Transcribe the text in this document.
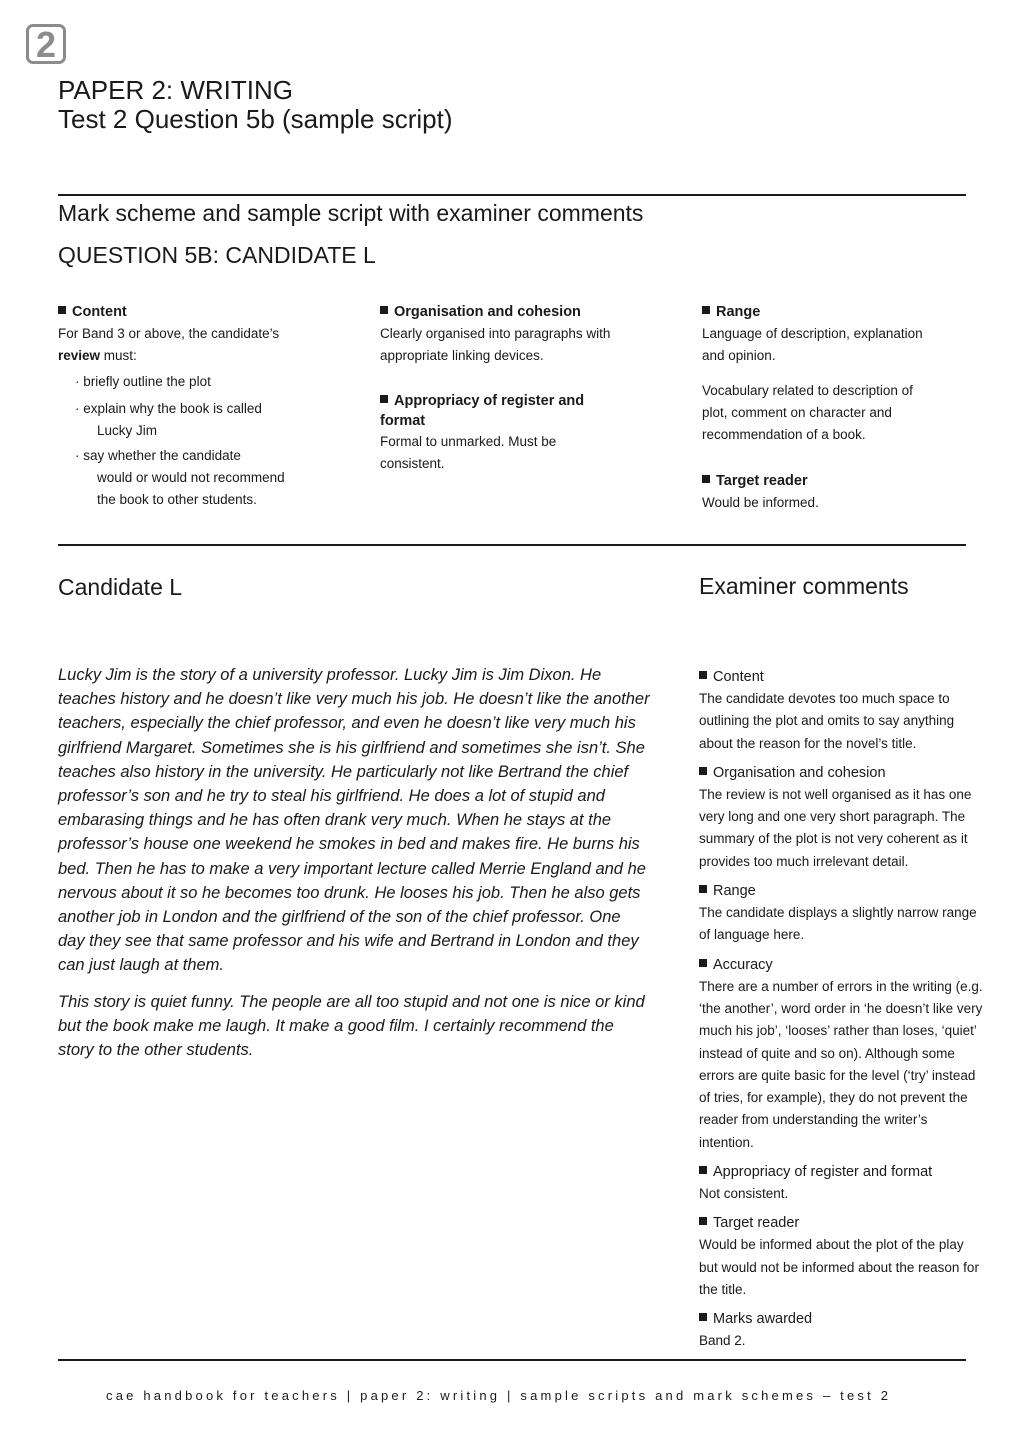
2
PAPER 2: WRITING
Test 2 Question 5b (sample script)
Mark scheme and sample script with examiner comments
QUESTION 5B: CANDIDATE L
Content
For Band 3 or above, the candidate’s
review must:
· briefly outline the plot
· explain why the book is called
Lucky Jim
· say whether the candidate
would or would not recommend
the book to other students.
Organisation and cohesion
Clearly organised into paragraphs with
appropriate linking devices.
Appropriacy of register and
format
Formal to unmarked. Must be
consistent.
Range
Language of description, explanation
and opinion.
Vocabulary related to description of
plot, comment on character and
recommendation of a book.
Target reader
Would be informed.
Candidate L	Examiner comments

Lucky Jim is the story of a university professor. Lucky Jim is Jim Dixon. He teaches history and he doesn’t like very much his job. He doesn’t like the another teachers, especially the chief professor, and even he doesn’t like very much his girlfriend Margaret. Sometimes she is his girlfriend and sometimes she isn’t. She teaches also history in the university. He particularly not like Bertrand the chief professor’s son and he try to steal his girlfriend. He does a lot of stupid and embarasing things and he has often drank very much. When he stays at the professor’s house one weekend he smokes in bed and makes fire. He burns his bed. Then he has to make a very important lecture called Merrie England and he nervous about it so he becomes too drunk. He looses his job. Then he also gets another job in London and the girlfriend of the son of the chief professor. One day they see that same professor and his wife and Bertrand in London and they can just laugh at them.

This story is quiet funny. The people are all too stupid and not one is nice or kind but the book make me laugh. It make a good film. I certainly recommend the story to the other students.

Content
The candidate devotes too much space to outlining the plot and omits to say anything about the reason for the novel’s title.
Organisation and cohesion
The review is not well organised as it has one very long and one very short paragraph. The summary of the plot is not very coherent as it provides too much irrelevant detail.
Range
The candidate displays a slightly narrow range of language here.
Accuracy
There are a number of errors in the writing (e.g. ‘the another’, word order in ‘he doesn’t like very much his job’, ‘looses’ rather than loses, ‘quiet’ instead of quite and so on). Although some errors are quite basic for the level (‘try’ instead of tries, for example), they do not prevent the reader from understanding the writer’s intention.
Appropriacy of register and format
Not consistent.
Target reader
Would be informed about the plot of the play but would not be informed about the reason for the title.
Marks awarded
Band 2.
cae handbook for teachers | paper 2: writing | sample scripts and mark schemes – test 2
